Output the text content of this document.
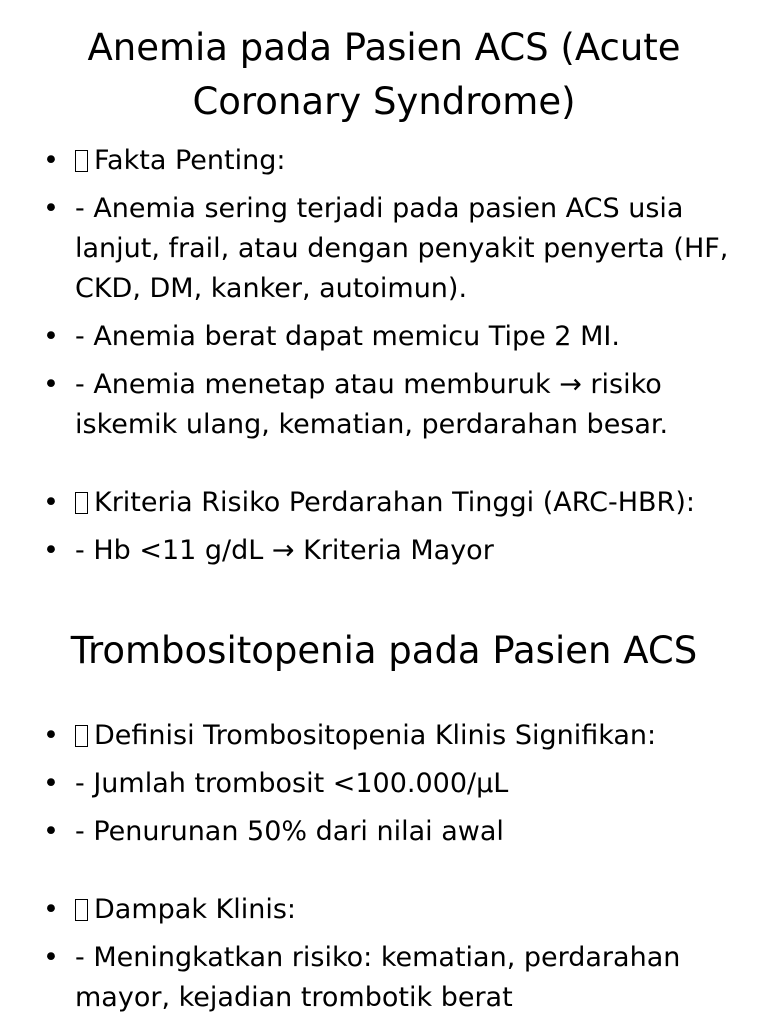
Anemia pada Pasien ACS (Acute Coronary Syndrome)
• Fakta Penting:
• - Anemia sering terjadi pada pasien ACS usia lanjut, frail, atau dengan penyakit penyerta (HF, CKD, DM, kanker, autoimun).
• - Anemia berat dapat memicu Tipe 2 MI.
• - Anemia menetap atau memburuk → risiko iskemik ulang, kematian, perdarahan besar.
• Kriteria Risiko Perdarahan Tinggi (ARC-HBR):
• - Hb <11 g/dL → Kriteria Mayor
Trombositopenia pada Pasien ACS
• Definisi Trombositopenia Klinis Signifikan:
• - Jumlah trombosit <100.000/µL
• - Penurunan 50% dari nilai awal
• Dampak Klinis:
• - Meningkatkan risiko: kematian, perdarahan mayor, kejadian trombotik berat
